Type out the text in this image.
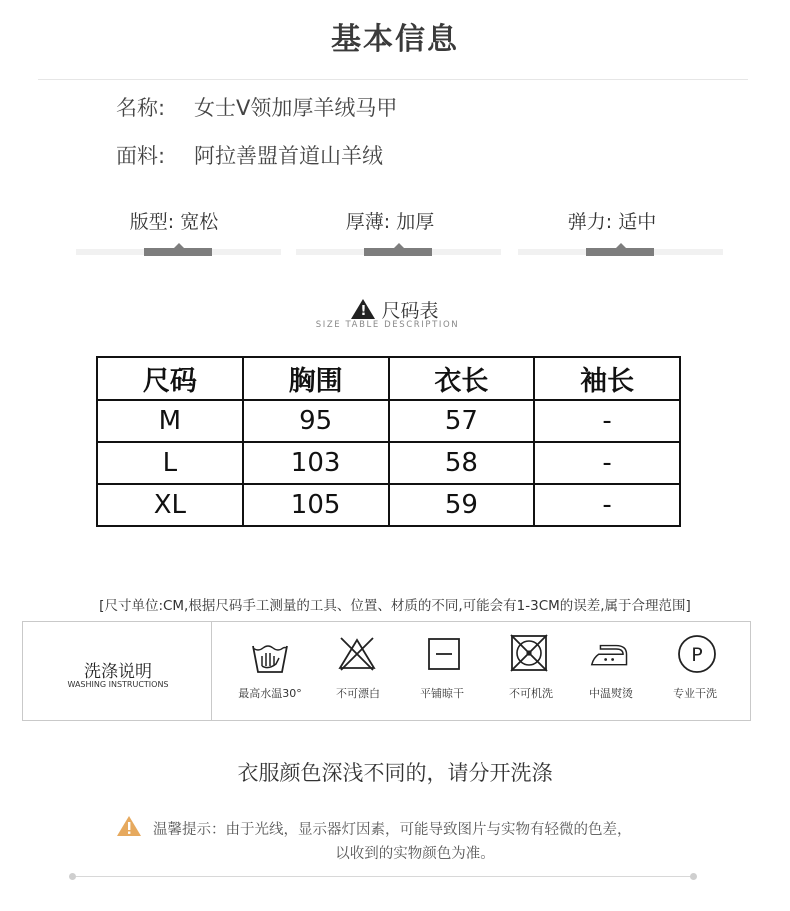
基本信息
名称: 女士V领加厚羊绒马甲
面料: 阿拉善盟首道山羊绒
版型: 宽松	厚薄: 加厚	弹力: 适中
!尺码表
SIZE TABLE DESCRIPTION
尺码	胸围	衣长	袖长
M	95	57	-
L	103	58	-
XL	105	59	-
[尺寸单位:CM,根据尺码手工测量的工具、位置、材质的不同,可能会有1-3CM的误差,属于合理范围]
洗涤说明
WASHING INSTRUCTIONS
最高水温30°	不可漂白	平铺晾干	不可机洗	中温熨烫
P
专业干洗
衣服颜色深浅不同的，请分开洗涤
温馨提示：由于光线，显示器灯因素，可能导致图片与实物有轻微的色差，
以收到的实物颜色为准。
